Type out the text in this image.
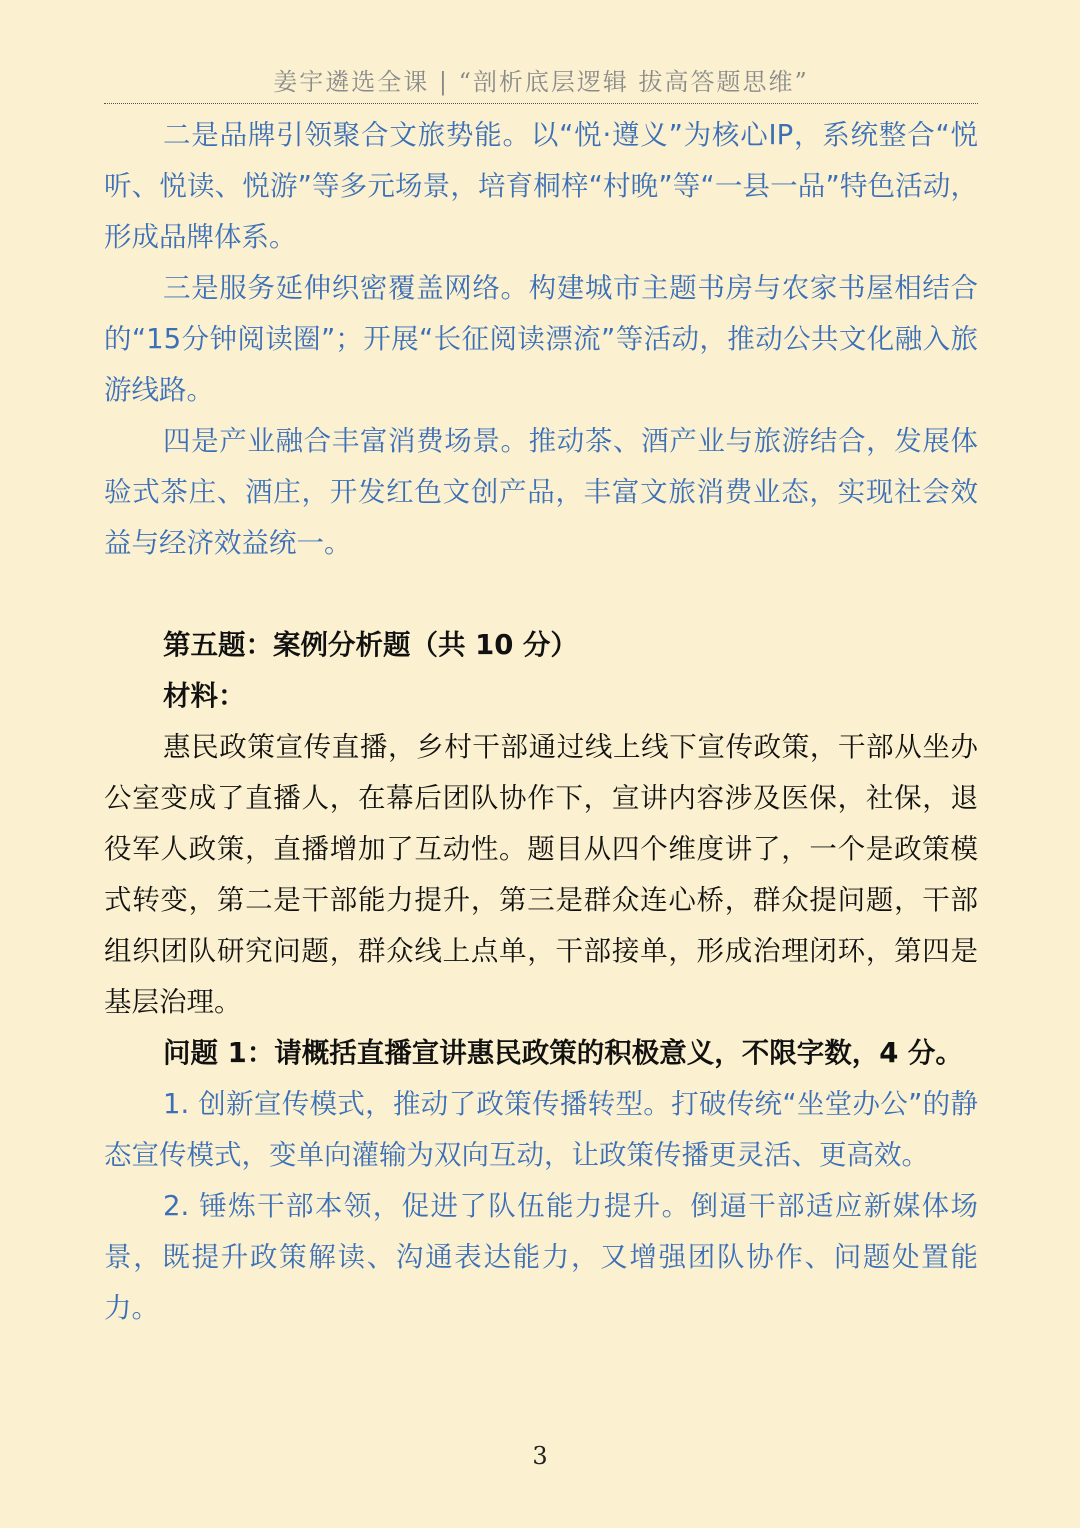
姜宇遴选全课 | “剖析底层逻辑 拔高答题思维”

二是品牌引领聚合文旅势能。以“悦·遵义”为核心IP，系统整合“悦听、悦读、悦游”等多元场景，培育桐梓“村晚”等“一县一品”特色活动，形成品牌体系。

三是服务延伸织密覆盖网络。构建城市主题书房与农家书屋相结合的“15分钟阅读圈”；开展“长征阅读漂流”等活动，推动公共文化融入旅游线路。

四是产业融合丰富消费场景。推动茶、酒产业与旅游结合，发展体验式茶庄、酒庄，开发红色文创产品，丰富文旅消费业态，实现社会效益与经济效益统一。

第五题：案例分析题（共 10 分）

材料：

惠民政策宣传直播，乡村干部通过线上线下宣传政策，干部从坐办公室变成了直播人，在幕后团队协作下，宣讲内容涉及医保，社保，退役军人政策，直播增加了互动性。题目从四个维度讲了，一个是政策模式转变，第二是干部能力提升，第三是群众连心桥，群众提问题，干部组织团队研究问题，群众线上点单，干部接单，形成治理闭环，第四是基层治理。

问题 1：请概括直播宣讲惠民政策的积极意义，不限字数，4 分。

1. 创新宣传模式，推动了政策传播转型。打破传统“坐堂办公”的静态宣传模式，变单向灌输为双向互动，让政策传播更灵活、更高效。

2. 锤炼干部本领，促进了队伍能力提升。倒逼干部适应新媒体场景，既提升政策解读、沟通表达能力，又增强团队协作、问题处置能力。

3
